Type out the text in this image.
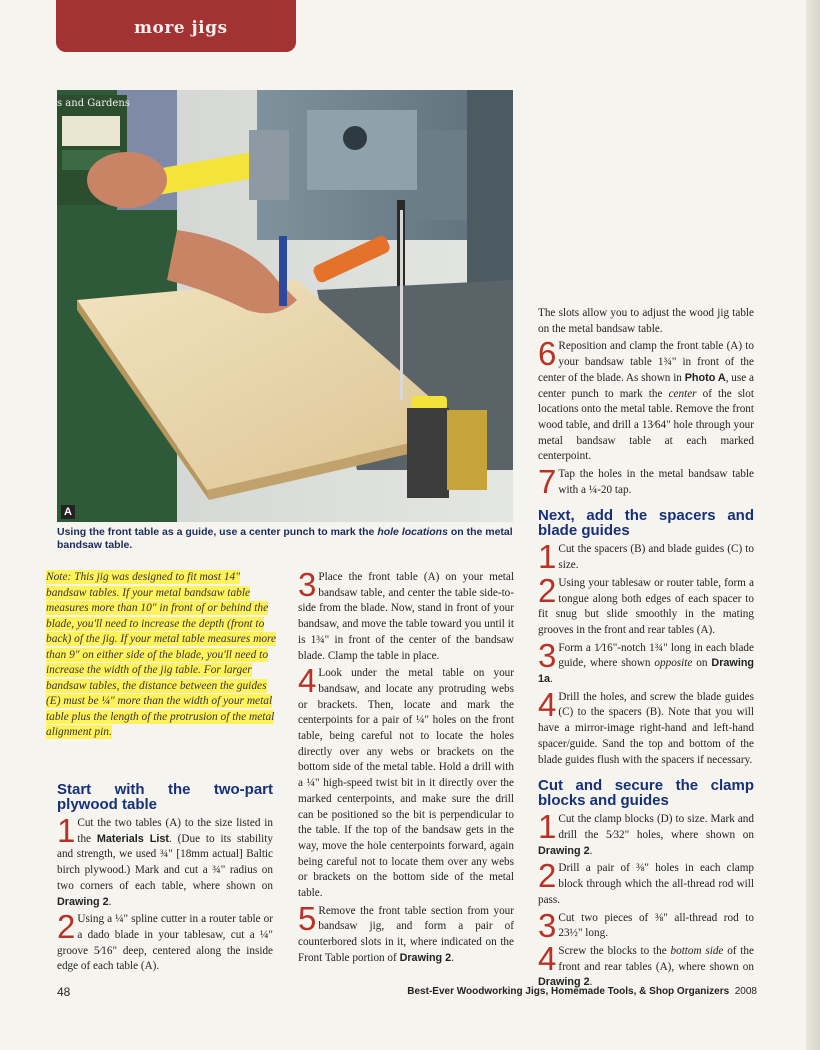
more jigs
s and Gardens
A
Using the front table as a guide, use a center punch to mark the hole locations on the metal bandsaw table.
Note: This jig was designed to fit most 14" bandsaw tables. If your metal bandsaw table measures more than 10" in front of or behind the blade, you'll need to increase the depth (front to back) of the jig. If your metal table measures more than 9" on either side of the blade, you'll need to increase the width of the jig table. For larger bandsaw tables, the distance between the guides (E) must be ¼" more than the width of your metal table plus the length of the protrusion of the metal alignment pin.
Start with the two-part plywood table
1 Cut the two tables (A) to the size listed in the Materials List. (Due to its stability and strength, we used ¾" [18mm actual] Baltic birch plywood.) Mark and cut a ¾" radius on two corners of each table, where shown on Drawing 2.
2 Using a ¼" spline cutter in a router table or a dado blade in your tablesaw, cut a ¼" groove 5⁄16" deep, centered along the inside edge of each table (A).
3 Place the front table (A) on your metal bandsaw table, and center the table side-to-side from the blade. Now, stand in front of your bandsaw, and move the table toward you until it is 1¾" in front of the center of the bandsaw blade. Clamp the table in place.
4 Look under the metal table on your bandsaw, and locate any protruding webs or brackets. Then, locate and mark the centerpoints for a pair of ¼" holes on the front table, being careful not to locate the holes directly over any webs or brackets on the bottom side of the metal table. Hold a drill with a ¼" high-speed twist bit in it directly over the marked centerpoints, and make sure the drill can be positioned so the bit is perpendicular to the table. If the top of the bandsaw gets in the way, move the hole centerpoints forward, again being careful not to locate them over any webs or brackets on the bottom side of the metal table.
5 Remove the front table section from your bandsaw jig, and form a pair of counterbored slots in it, where indicated on the Front Table portion of Drawing 2.
The slots allow you to adjust the wood jig table on the metal bandsaw table.
6 Reposition and clamp the front table (A) to your bandsaw table 1¾" in front of the center of the blade. As shown in Photo A, use a center punch to mark the center of the slot locations onto the metal table. Remove the front wood table, and drill a 13⁄64" hole through your metal bandsaw table at each marked centerpoint.
7 Tap the holes in the metal bandsaw table with a ¼-20 tap.
Next, add the spacers and blade guides
1 Cut the spacers (B) and blade guides (C) to size.
2 Using your tablesaw or router table, form a tongue along both edges of each spacer to fit snug but slide smoothly in the mating grooves in the front and rear tables (A).
3 Form a 1⁄16"-notch 1¾" long in each blade guide, where shown opposite on Drawing 1a.
4 Drill the holes, and screw the blade guides (C) to the spacers (B). Note that you will have a mirror-image right-hand and left-hand spacer/guide. Sand the top and bottom of the blade guides flush with the spacers if necessary.
Cut and secure the clamp blocks and guides
1 Cut the clamp blocks (D) to size. Mark and drill the 5⁄32" holes, where shown on Drawing 2.
2 Drill a pair of ⅜" holes in each clamp block through which the all-thread rod will pass.
3 Cut two pieces of ⅜" all-thread rod to 23½" long.
4 Screw the blocks to the bottom side of the front and rear tables (A), where shown on Drawing 2.
48	Best-Ever Woodworking Jigs, Homemade Tools, & Shop Organizers 2008
